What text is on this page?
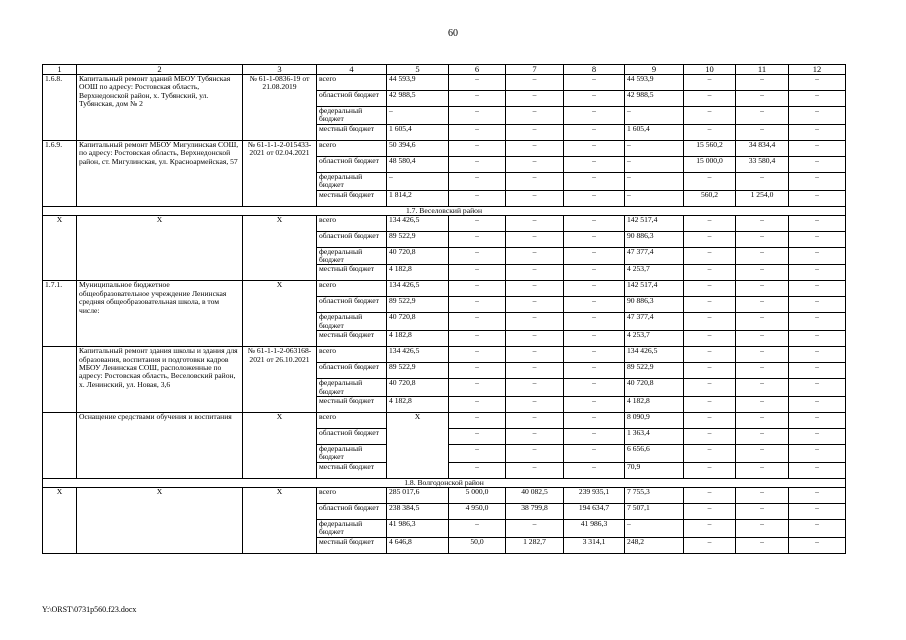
60
1	2	3	4	5	6	7	8	9	10	11	12
1.6.8.	Капитальный ремонт зданий МБОУ Тубянская ООШ по адресу: Ростовская область, Верхнедонской район, х. Тубянский, ул. Тубянская, дом № 2	№ 61-1-0836-19 от 21.08.2019	всего	44 593,9	–	–	–	44 593,9	–	–	–
			областной бюджет	42 988,5	–	–	–	42 988,5	–	–	–
			федеральный бюджет	–	–	–	–	–	–	–	–
			местный бюджет	1 605,4	–	–	–	1 605,4	–	–	–
1.6.9.	Капитальный ремонт МБОУ Мигулинская СОШ, по адресу: Ростовская область, Верхнедонской район, ст. Мигулинская, ул. Красноармейская, 57	№ 61-1-1-2-015433-2021 от 02.04.2021	всего	50 394,6	–	–	–	–	15 560,2	34 834,4	–
			областной бюджет	48 580,4	–	–	–	–	15 000,0	33 580,4	–
			федеральный бюджет	–	–	–	–	–	–	–	–
			местный бюджет	1 814,2	–	–	–	–	560,2	1 254,0	–
1.7. Веселовский район											
Х	Х	Х	всего	134 426,5	–	–	–	142 517,4	–	–	–
			областной бюджет	89 522,9	–	–	–	90 886,3	–	–	–
			федеральный бюджет	40 720,8	–	–	–	47 377,4	–	–	–
			местный бюджет	4 182,8	–	–	–	4 253,7	–	–	–
1.7.1.	Муниципальное бюджетное общеобразовательное учреждение Ленинская средняя общеобразовательная школа, в том числе:	Х	всего	134 426,5	–	–	–	142 517,4	–	–	–
			областной бюджет	89 522,9	–	–	–	90 886,3	–	–	–
			федеральный бюджет	40 720,8	–	–	–	47 377,4	–	–	–
			местный бюджет	4 182,8	–	–	–	4 253,7	–	–	–
	Капитальный ремонт здания школы и здания для образования, воспитания и подготовки кадров МБОУ Ленинская СОШ, расположенные по адресу: Ростовская область, Веселовский район, х. Ленинский, ул. Новая, 3,6	№ 61-1-1-2-063168-2021 от 26.10.2021	всего	134 426,5	–	–	–	134 426,5	–	–	–
			областной бюджет	89 522,9	–	–	–	89 522,9	–	–	–
			федеральный бюджет	40 720,8	–	–	–	40 720,8	–	–	–
			местный бюджет	4 182,8	–	–	–	4 182,8	–	–	–
	Оснащение средствами обучения и воспитания	Х	всего	Х	–	–	–	8 090,9	–	–	–
			областной бюджет		–	–	–	1 363,4	–	–	–
			федеральный бюджет		–	–	–	6 656,6	–	–	–
			местный бюджет		–	–	–	70,9	–	–	–
1.8. Волгодонской район											
Х	Х	Х	всего	285 017,6	5 000,0	40 082,5	239 935,1	7 755,3	–	–	–
			областной бюджет	238 384,5	4 950,0	38 799,8	194 634,7	7 507,1	–	–	–
			федеральный бюджет	41 986,3	–	–	41 986,3	–	–	–	–
			местный бюджет	4 646,8	50,0	1 282,7	3 314,1	248,2	–	–	–
Y:\ORST\0731p560.f23.docx
